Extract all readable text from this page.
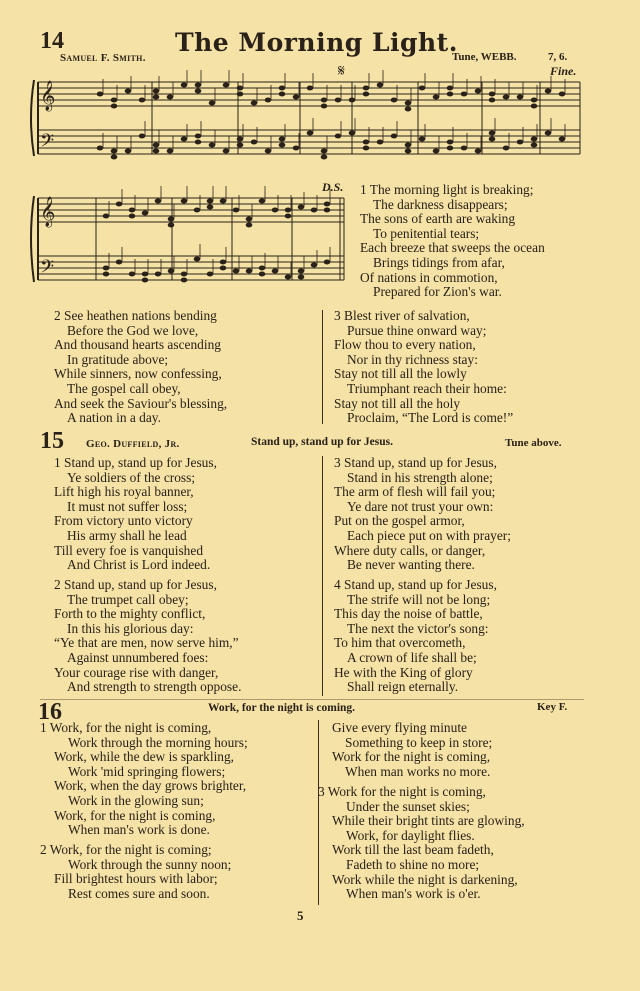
14	The Morning Light.
Samuel F. Smith.	Tune, WEBB.	7, 6.
Fine.
D.S.
𝄞
𝄢
𝄋
𝄞
𝄢
1 The morning light is breaking;
The darkness disappears;
The sons of earth are waking
To penitential tears;
Each breeze that sweeps the ocean
Brings tidings from afar,
Of nations in commotion,
Prepared for Zion's war.
2 See heathen nations bending
Before the God we love,
And thousand hearts ascending
In gratitude above;
While sinners, now confessing,
The gospel call obey,
And seek the Saviour's blessing,
A nation in a day.
3 Blest river of salvation,
Pursue thine onward way;
Flow thou to every nation,
Nor in thy richness stay:
Stay not till all the lowly
Triumphant reach their home:
Stay not till all the holy
Proclaim, “The Lord is come!”
15 Geo. Duffield, Jr.	Stand up, stand up for Jesus.	Tune above.
1 Stand up, stand up for Jesus,
Ye soldiers of the cross;
Lift high his royal banner,
It must not suffer loss;
From victory unto victory
His army shall he lead
Till every foe is vanquished
And Christ is Lord indeed.
2 Stand up, stand up for Jesus,
The trumpet call obey;
Forth to the mighty conflict,
In this his glorious day:
“Ye that are men, now serve him,”
Against unnumbered foes:
Your courage rise with danger,
And strength to strength oppose.
3 Stand up, stand up for Jesus,
Stand in his strength alone;
The arm of flesh will fail you;
Ye dare not trust your own:
Put on the gospel armor,
Each piece put on with prayer;
Where duty calls, or danger,
Be never wanting there.
4 Stand up, stand up for Jesus,
The strife will not be long;
This day the noise of battle,
The next the victor's song:
To him that overcometh,
A crown of life shall be;
He with the King of glory
Shall reign eternally.
16	Work, for the night is coming.	Key F.
1 Work, for the night is coming,
Work through the morning hours;
Work, while the dew is sparkling,
Work 'mid springing flowers;
Work, when the day grows brighter,
Work in the glowing sun;
Work, for the night is coming,
When man's work is done.
2 Work, for the night is coming;
Work through the sunny noon;
Fill brightest hours with labor;
Rest comes sure and soon.
Give every flying minute
Something to keep in store;
Work for the night is coming,
When man works no more.
3 Work for the night is coming,
Under the sunset skies;
While their bright tints are glowing,
Work, for daylight flies.
Work till the last beam fadeth,
Fadeth to shine no more;
Work while the night is darkening,
When man's work is o'er.
5
